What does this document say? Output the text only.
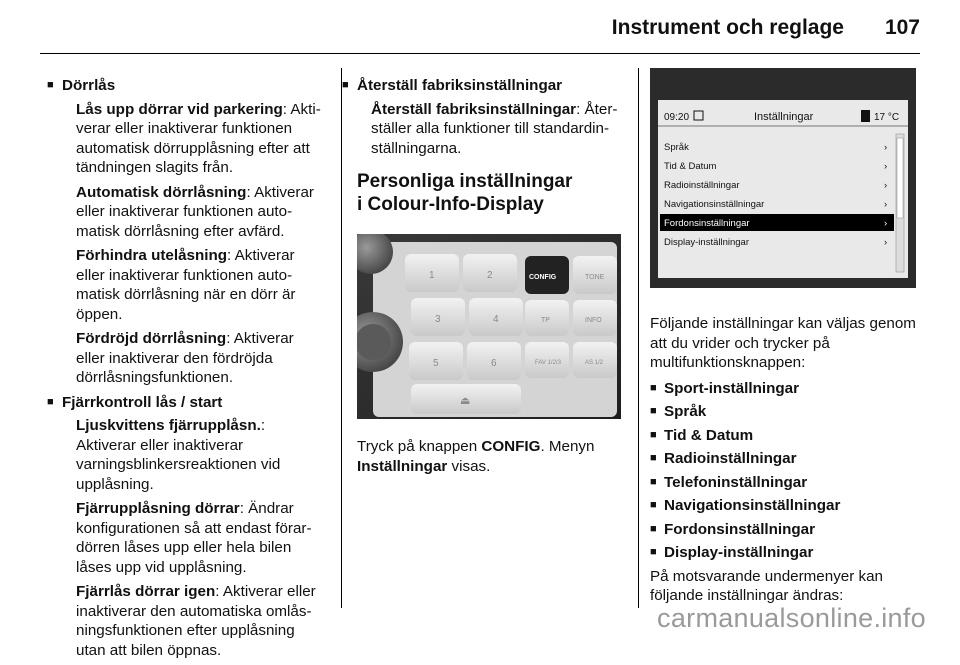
Instrument och reglage 107
■ Dörrlås

Lås upp dörrar vid parkering: Aktiverar eller inaktiverar funktionen automatisk dörrupplåsning efter att tändningen slagits från.

Automatisk dörrlåsning: Aktiverar eller inaktiverar funktionen automatisk dörrlåsning efter avfärd.

Förhindra utelåsning: Aktiverar eller inaktiverar funktionen automatisk dörrlåsning när en dörr är öppen.

Fördröjd dörrlåsning: Aktiverar eller inaktiverar den fördröjda dörrlåsningsfunktionen.

■ Fjärrkontroll lås / start

Ljuskvittens fjärrupplåsn.: Aktiverar eller inaktiverar varningsblinkersreaktionen vid upplåsning.

Fjärrupplåsning dörrar: Ändrar konfigurationen så att endast förardörren låses upp eller hela bilen låses upp vid upplåsning.

Fjärrlås dörrar igen: Aktiverar eller inaktiverar den automatiska omlåsningsfunktionen efter upplåsning utan att bilen öppnas.

■ Återställ fabriksinställningar

Återställ fabriksinställningar: Återställer alla funktioner till standardinställningarna.

Personliga inställningar
i Colour-Info-Display
1	2
3	4
5	6
⏏
CONFIG	TONE
TP	INFO
FAV 1/2/3	AS 1/2

Tryck på knappen CONFIG. Menyn Inställningar visas.

09:20	Inställningar	17 °C
Språk	›
Tid & Datum	›
Radioinställningar	›
Navigationsinställningar	›
Fordonsinställningar	›
Display-inställningar	›

Följande inställningar kan väljas genom att du vrider och trycker på multifunktionsknappen:

■ Sport-inställningar
■ Språk
■ Tid & Datum
■ Radioinställningar
■ Telefoninställningar
■ Navigationsinställningar
■ Fordonsinställningar
■ Display-inställningar

På motsvarande undermenyer kan följande inställningar ändras:

carmanualsonline.info
